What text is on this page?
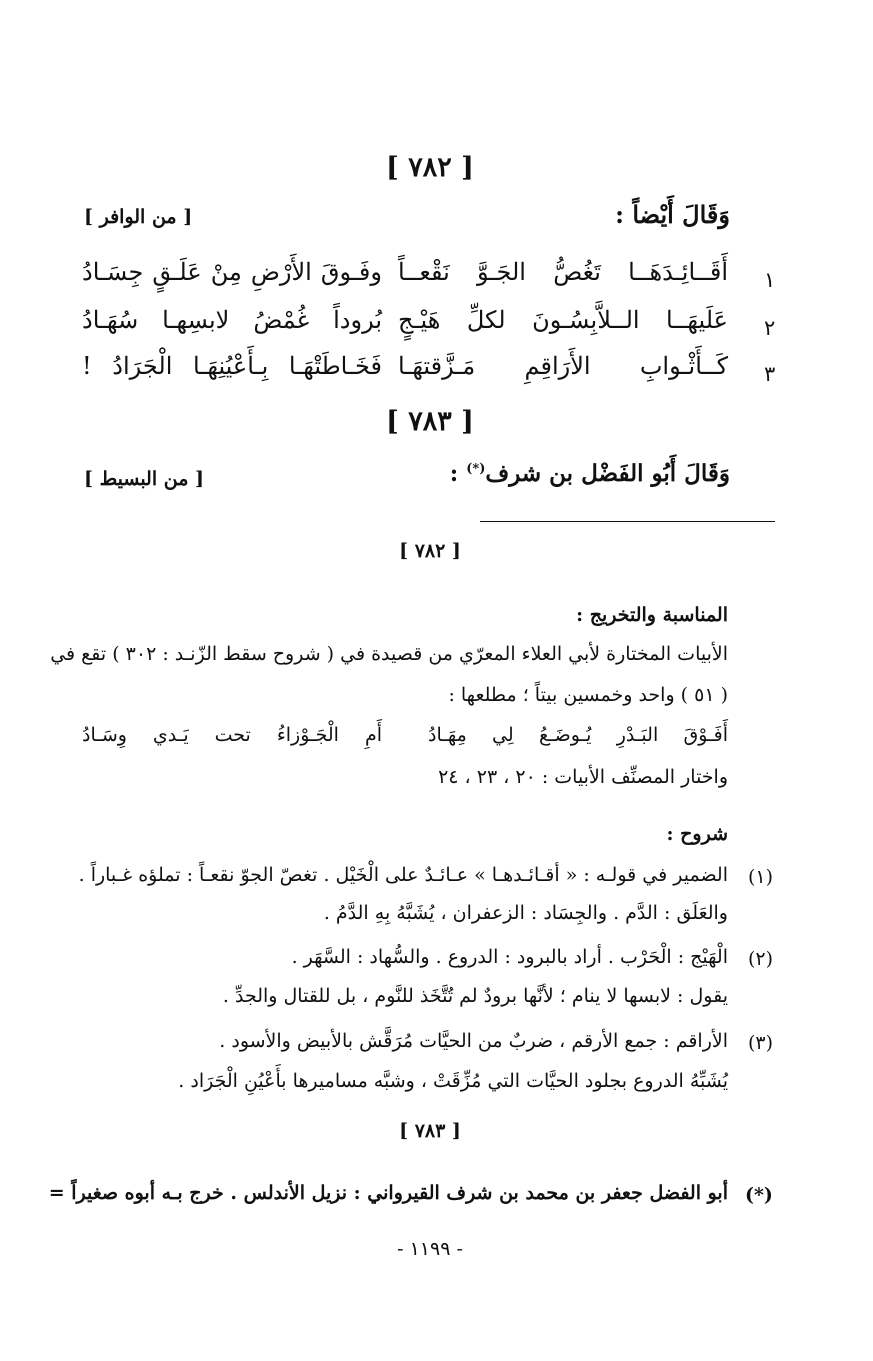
[ ٧٨٢ ]
وَقَالَ أَيْضاً :
[ من الوافر ]
١
أَقَــائِـدَهَــا تَغُصُّ الجَـوَّ نَقْعــاً
وفَـوقَ الأَرْضِ مِنْ عَلَـقٍ جِسَـادُ
٢
عَلَيهَــا الــلاَّبِسُـونَ لكلِّ هَيْـجٍ
بُروداً غُمْضُ لابسِهـا سُهَـادُ
٣
كَــأَثْـوابِ الأَرَاقِمِ مَـزَّقتهَـا
فَخَـاطَتْهَـا بِـأَعْيُنِهَـا الْجَرَادُ !
[ ٧٨٣ ]
وَقَالَ أَبُو الفَضْل بن شرف(*) :
[ من البسيط ]
[ ٧٨٢ ]
المناسبة والتخريج :
الأبيات المختارة لأبي العلاء المعرّي من قصيدة في ( شروح سقط الزّنـد : ٣٠٢ ) تقع في
( ٥١ ) واحد وخمسين بيتاً ؛ مطلعها :
أَفَـوْقَ البَـدْرِ يُـوضَـعُ لِي مِهَـادُ
أَمِ الْجَـوْزاءُ تحت يَـدي وِسَـادُ
واختار المصنِّف الأبيات : ٢٠ ، ٢٣ ، ٢٤
شروح :
(١)
الضمير في قولـه : « أقـائـدهـا » عـائـدٌ على الْخَيْل . تغصّ الجوّ نقعـاً : تملؤه غـباراً .
والعَلَق : الدَّم . والجِسَاد : الزعفران ، يُشَبَّهُ بِهِ الدَّمُ .
(٢)
الْهَيْج : الْحَرْب . أراد بالبرود : الدروع . والسُّهاد : السَّهَر .
يقول : لابسها لا ينام ؛ لأنَّها برودٌ لم تُتَّخَذ للنَّوم ، بل للقتال والجدِّ .
(٣)
الأراقم : جمع الأرقم ، ضربٌ من الحيَّات مُرَقَّش بالأبيض والأسود .
يُشَبِّهُ الدروع بجلود الحيَّات التي مُزِّقَتْ ، وشبَّه مساميرها بأَعْيُنِ الْجَرَاد .
[ ٧٨٣ ]
(*)
أبو الفضل جعفر بن محمد بن شرف القيرواني : نزيل الأندلس . خرج بـه أبوه صغيراً =
- ١١٩٩ -
